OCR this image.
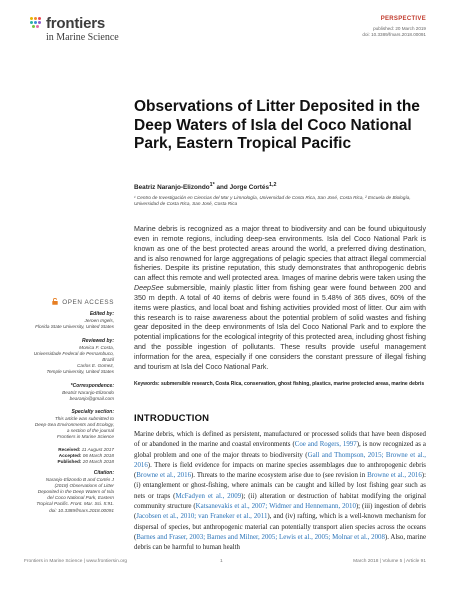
frontiers
in Marine Science
PERSPECTIVE
published: 20 March 2019
doi: 10.3389/fmars.2018.00091
Observations of Litter Deposited in the Deep Waters of Isla del Coco National Park, Eastern Tropical Pacific
Beatriz Naranjo-Elizondo$^{1*}$ and Jorge Cortés$^{1,2}$
¹ Centro de Investigación en Ciencias del Mar y Limnología, Universidad de Costa Rica, San José, Costa Rica, ² Escuela de Biología, Universidad de Costa Rica, San José, Costa Rica
Marine debris is recognized as a major threat to biodiversity and can be found ubiquitously even in remote regions, including deep-sea environments. Isla del Coco National Park is known as one of the best protected areas around the world, a preferred diving destination, and is also renowned for large aggregations of pelagic species that attract illegal commercial fisheries. Despite its pristine reputation, this study demonstrates that anthropogenic debris can affect this remote and well protected area. Images of marine debris were taken using the DeepSee submersible, mainly plastic litter from fishing gear were found between 200 and 350 m depth. A total of 40 items of debris were found in 5.48% of 365 dives, 60% of the items were plastics, and local boat and fishing activities provided most of litter. Our aim with this research is to raise awareness about the potential problem of solid wastes and fishing gear deposited in the deep environments of Isla del Coco National Park and to explore the potential implications for the ecological integrity of this protected area, including ghost fishing and the possible ingestion of pollutants. These results provide useful management information for the area, especially if one considers the constant pressure of illegal fishing and tourism at Isla del Coco National Park.
Keywords: submersible research, Costa Rica, conservation, ghost fishing, plastics, marine protected areas, marine debris
INTRODUCTION
Marine debris, which is defined as persistent, manufactured or processed solids that have been disposed of or abandoned in the marine and coastal environments (Coe and Rogers, 1997), is now recognized as a global problem and one of the major threats to biodiversity (Gall and Thompson, 2015; Browne et al., 2016). There is field evidence for impacts on marine species assemblages due to anthropogenic debris (Browne et al., 2016). Threats to the marine ecosystem arise due to (see revision in Browne et al., 2016): (i) entanglement or ghost-fishing, where animals can be caught and killed by lost fishing gear such as nets or traps (McFadyen et al., 2009); (ii) alteration or destruction of habitat modifying the original community structure (Katsanevakis et al., 2007; Widmer and Hennemann, 2010); (iii) ingestion of debris (Jacobsen et al., 2010; van Franeker et al., 2011), and (iv) rafting, which is a well-known mechanism for dispersal of species, but anthropogenic material can potentially transport alien species across the oceans (Barnes and Fraser, 2003; Barnes and Milner, 2005; Lewis et al., 2005; Molnar et al., 2008). Also, marine debris can be harmful to human health
OPEN ACCESS
Edited by:
Jeroen Ingels,
Florida State University, United States
Reviewed by:
Monica F. Costa,
Universidade Federal de Pernambuco,
Brazil
Carlos E. Gomez,
Temple University, United States
*Correspondence:
Beatriz Naranjo-Elizondo
bearanjo@gmail.com
Specialty section:
This article was submitted to
Deep-Sea Environments and Ecology,
a section of the journal
Frontiers in Marine Science
Received: 11 August 2017
Accepted: 06 March 2018
Published: 20 March 2018
Citation:
Naranjo-Elizondo B and Cortés J
(2018) Observations of Litter
Deposited in the Deep Waters of Isla
del Coco National Park, Eastern
Tropical Pacific. Front. Mar. Sci. 5:91.
doi: 10.3389/fmars.2018.00091
Frontiers in Marine Science | www.frontiersin.org	1	March 2018 | Volume 5 | Article 91
